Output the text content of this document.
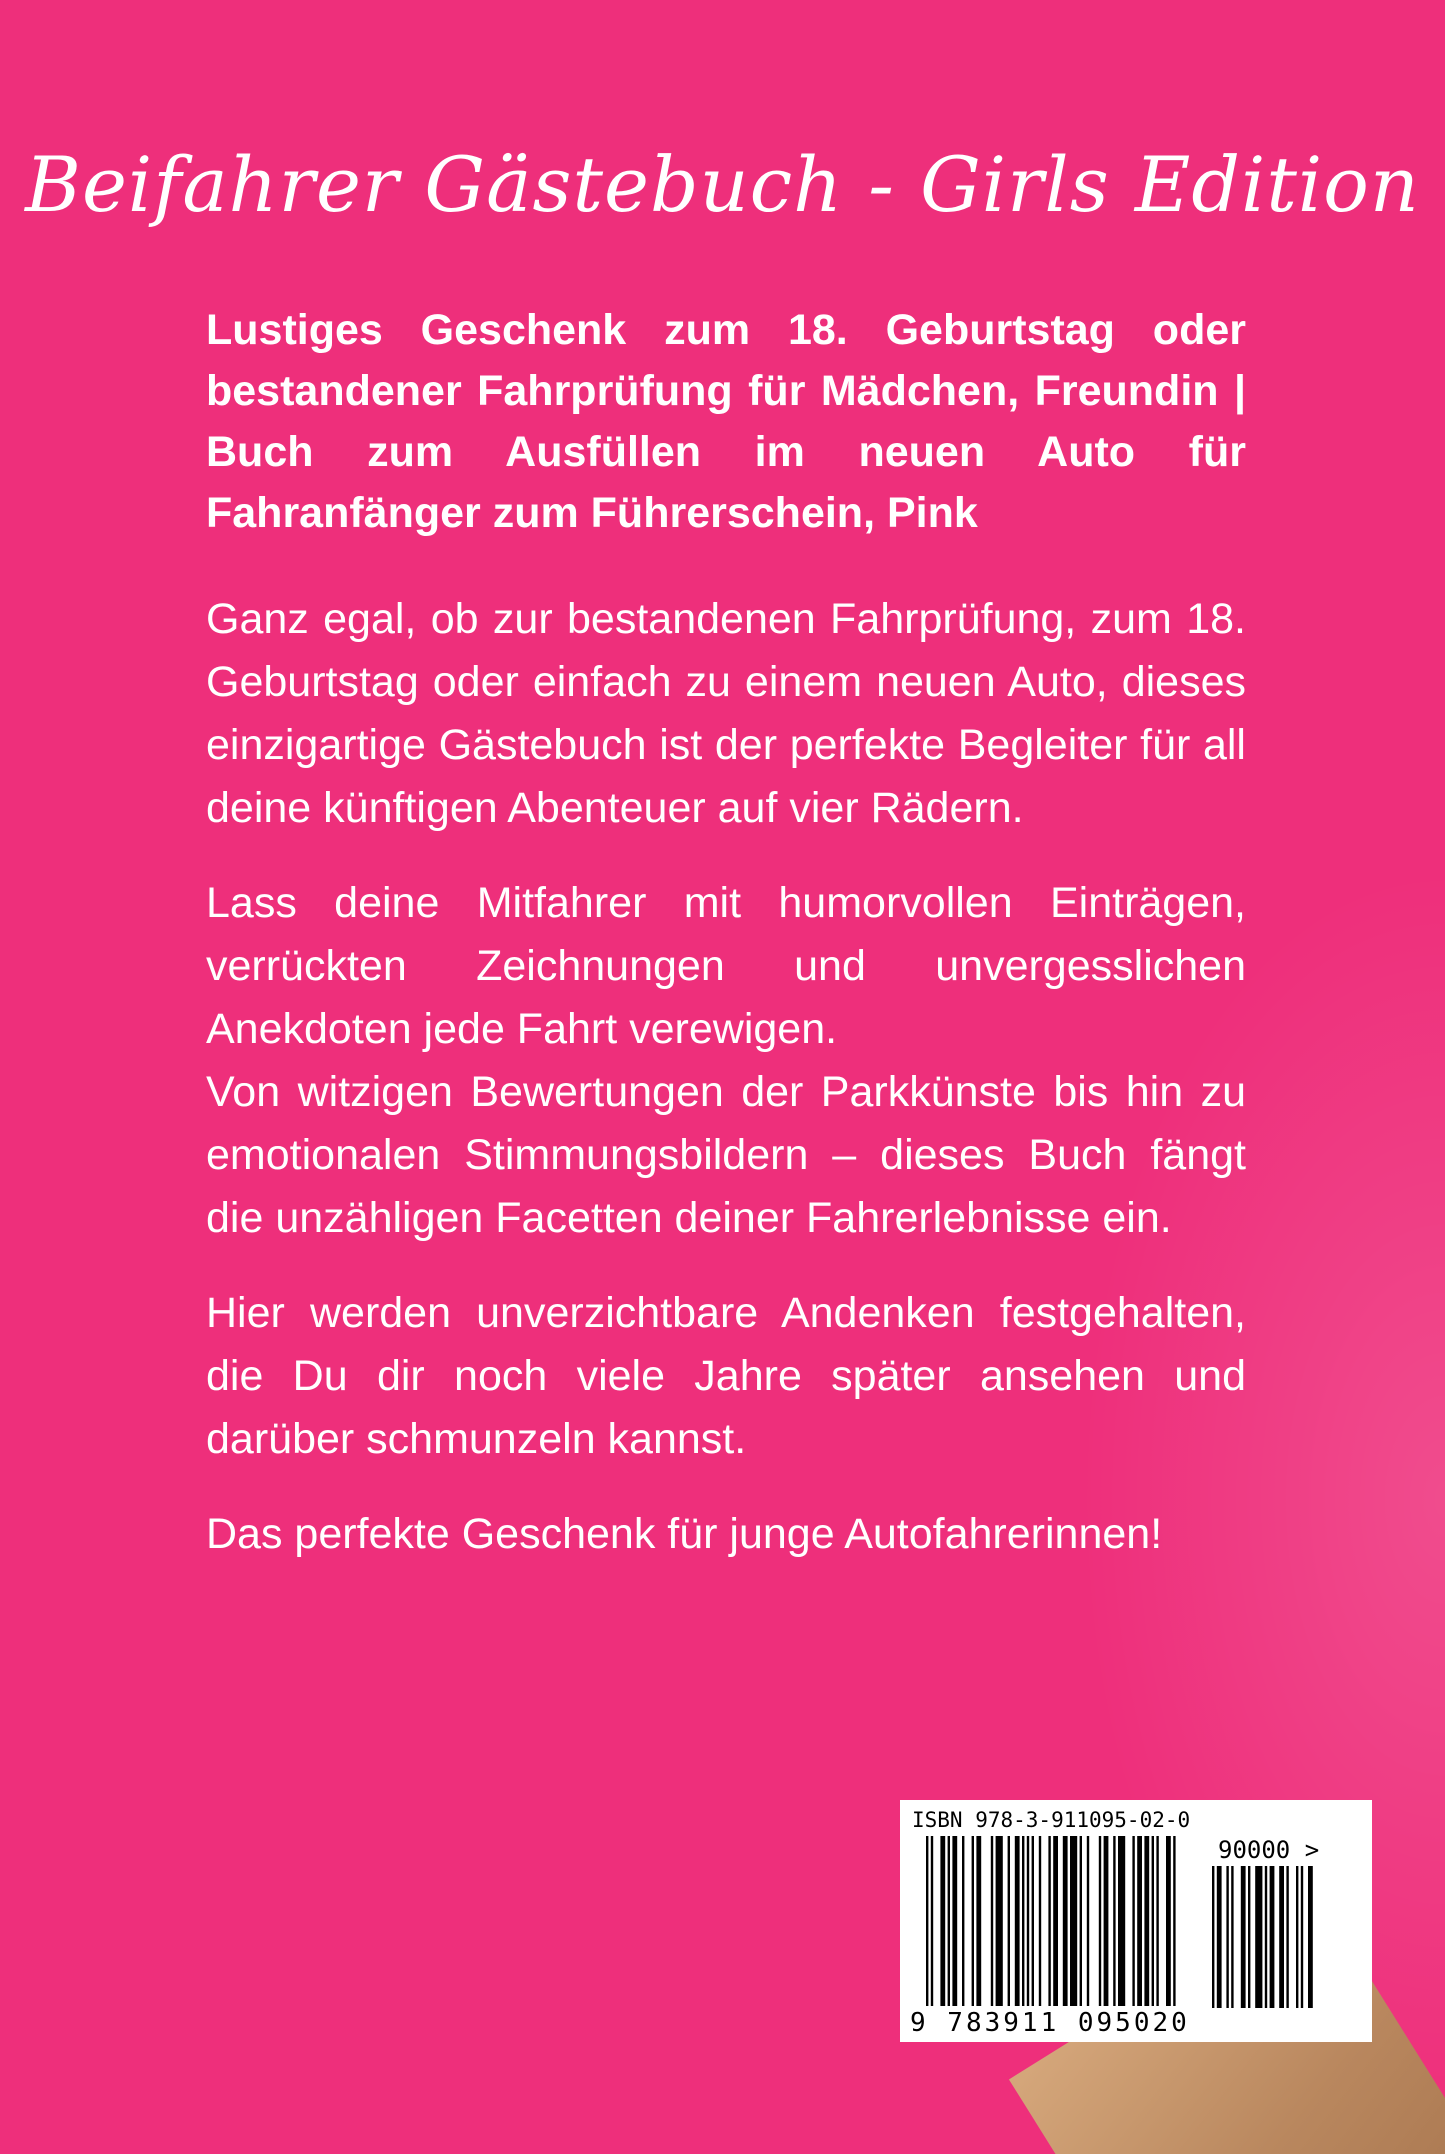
Beifahrer Gästebuch - Girls Edition
Lustiges Geschenk zum 18. Geburtstag oder bestandener Fahrprüfung für Mädchen, Freundin | Buch zum Ausfüllen im neuen Auto für Fahranfänger zum Führerschein, Pink

Ganz egal, ob zur bestandenen Fahrprüfung, zum 18. Geburtstag oder einfach zu einem neuen Auto, dieses einzigartige Gästebuch ist der perfekte Begleiter für all deine künftigen Abenteuer auf vier Rädern.

Lass deine Mitfahrer mit humorvollen Einträgen, verrückten Zeichnungen und unvergesslichen Anekdoten jede Fahrt verewigen.

Von witzigen Bewertungen der Parkkünste bis hin zu emotionalen Stimmungsbildern – dieses Buch fängt die unzähligen Facetten deiner Fahrerlebnisse ein.

Hier werden unverzichtbare Andenken festgehalten, die Du dir noch viele Jahre später ansehen und darüber schmunzeln kannst.

Das perfekte Geschenk für junge Autofahrerinnen!

ISBN 978-3-911095-02-0
90000 >
9 783911 095020
